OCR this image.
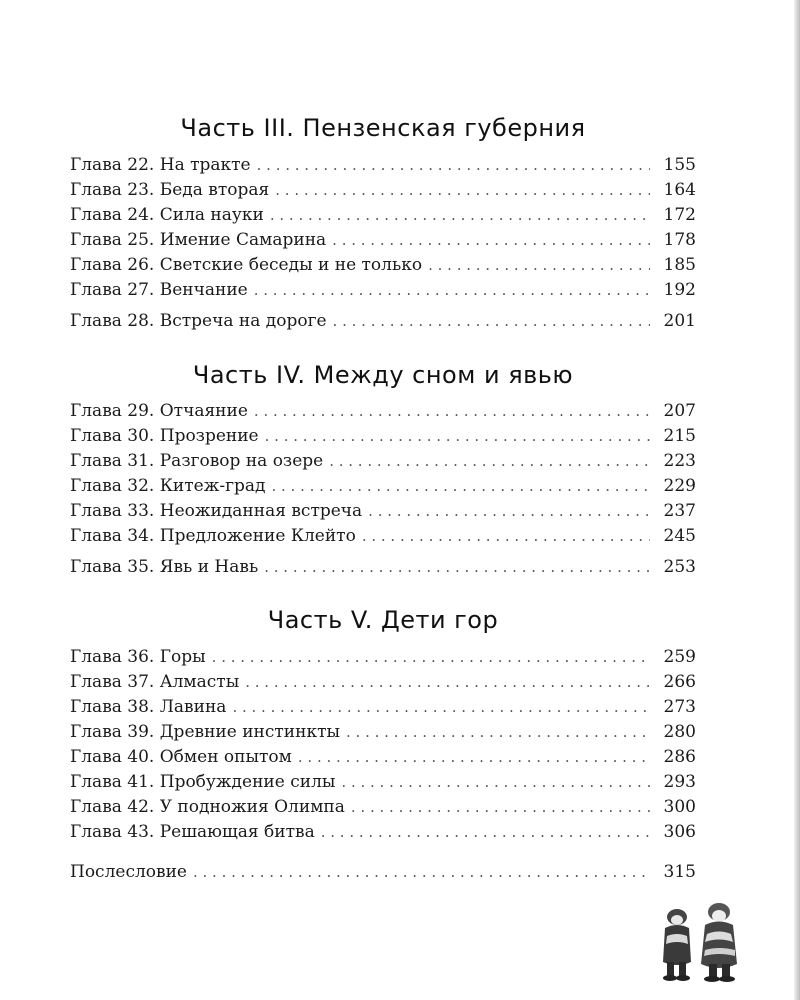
Часть III. Пензенская губерния
Глава 22. На тракте . . .	155
Глава 23. Беда вторая . . .	164
Глава 24. Сила науки . . .	172
Глава 25. Имение Самарина . . .	178
Глава 26. Светские беседы и не только . . .	185
Глава 27. Венчание . . .	192
Глава 28. Встреча на дороге . . .	201
Часть IV. Между сном и явью
Глава 29. Отчаяние . . .	207
Глава 30. Прозрение . . .	215
Глава 31. Разговор на озере . . .	223
Глава 32. Китеж-град . . .	229
Глава 33. Неожиданная встреча . . .	237
Глава 34. Предложение Клейто . . .	245
Глава 35. Явь и Навь . . .	253
Часть V. Дети гор
Глава 36. Горы . . .	259
Глава 37. Алмасты . . .	266
Глава 38. Лавина . . .	273
Глава 39. Древние инстинкты . . .	280
Глава 40. Обмен опытом . . .	286
Глава 41. Пробуждение силы . . .	293
Глава 42. У подножия Олимпа . . .	300
Глава 43. Решающая битва . . .	306
Послесловие . . .	315
